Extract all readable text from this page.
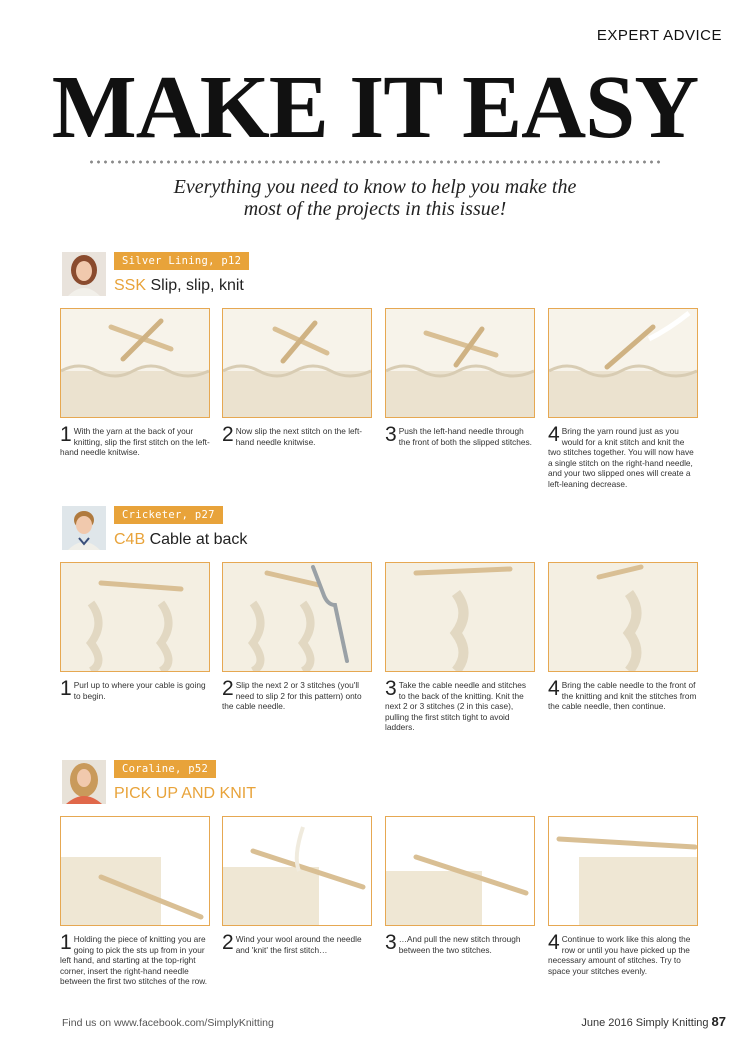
EXPERT ADVICE
MAKE IT EASY
Everything you need to know to help you make the
most of the projects in this issue!
Silver Lining, p12
SSK Slip, slip, knit
1 With the yarn at the back of your knitting, slip the first stitch on the left-hand needle knitwise.
2 Now slip the next stitch on the left-hand needle knitwise.	3 Push the left-hand needle through the front of both the slipped stitches. 4 Bring the yarn round just as you would for a knit stitch and knit the two stitches together. You will now have a single stitch on the right-hand needle, and your two slipped ones will create a left-leaning decrease.
Cricketer, p27
C4B Cable at back
1 Purl up to where your cable is going to begin.	2 Slip the next 2 or 3 stitches (you'll need to slip 2 for this pattern) onto the cable needle.
3 Take the cable needle and stitches to the back of the knitting. Knit the next 2 or 3 stitches (2 in this case), pulling the first stitch tight to avoid ladders.
4 Bring the cable needle to the front of the knitting and knit the stitches from the cable needle, then continue.
Coraline, p52
PICK UP AND KNIT
1 Holding the piece of knitting you are going to pick the sts up from in your left hand, and starting at the top-right corner, insert the right-hand needle between the first two stitches of the row.
2 Wind your wool around the needle and 'knit' the first stitch…	3 …And pull the new stitch through between the two stitches.	4 Continue to work like this along the row or until you have picked up the necessary amount of stitches. Try to space your stitches evenly.
Find us on www.facebook.com/SimplyKnitting	June 2016 Simply Knitting 87
